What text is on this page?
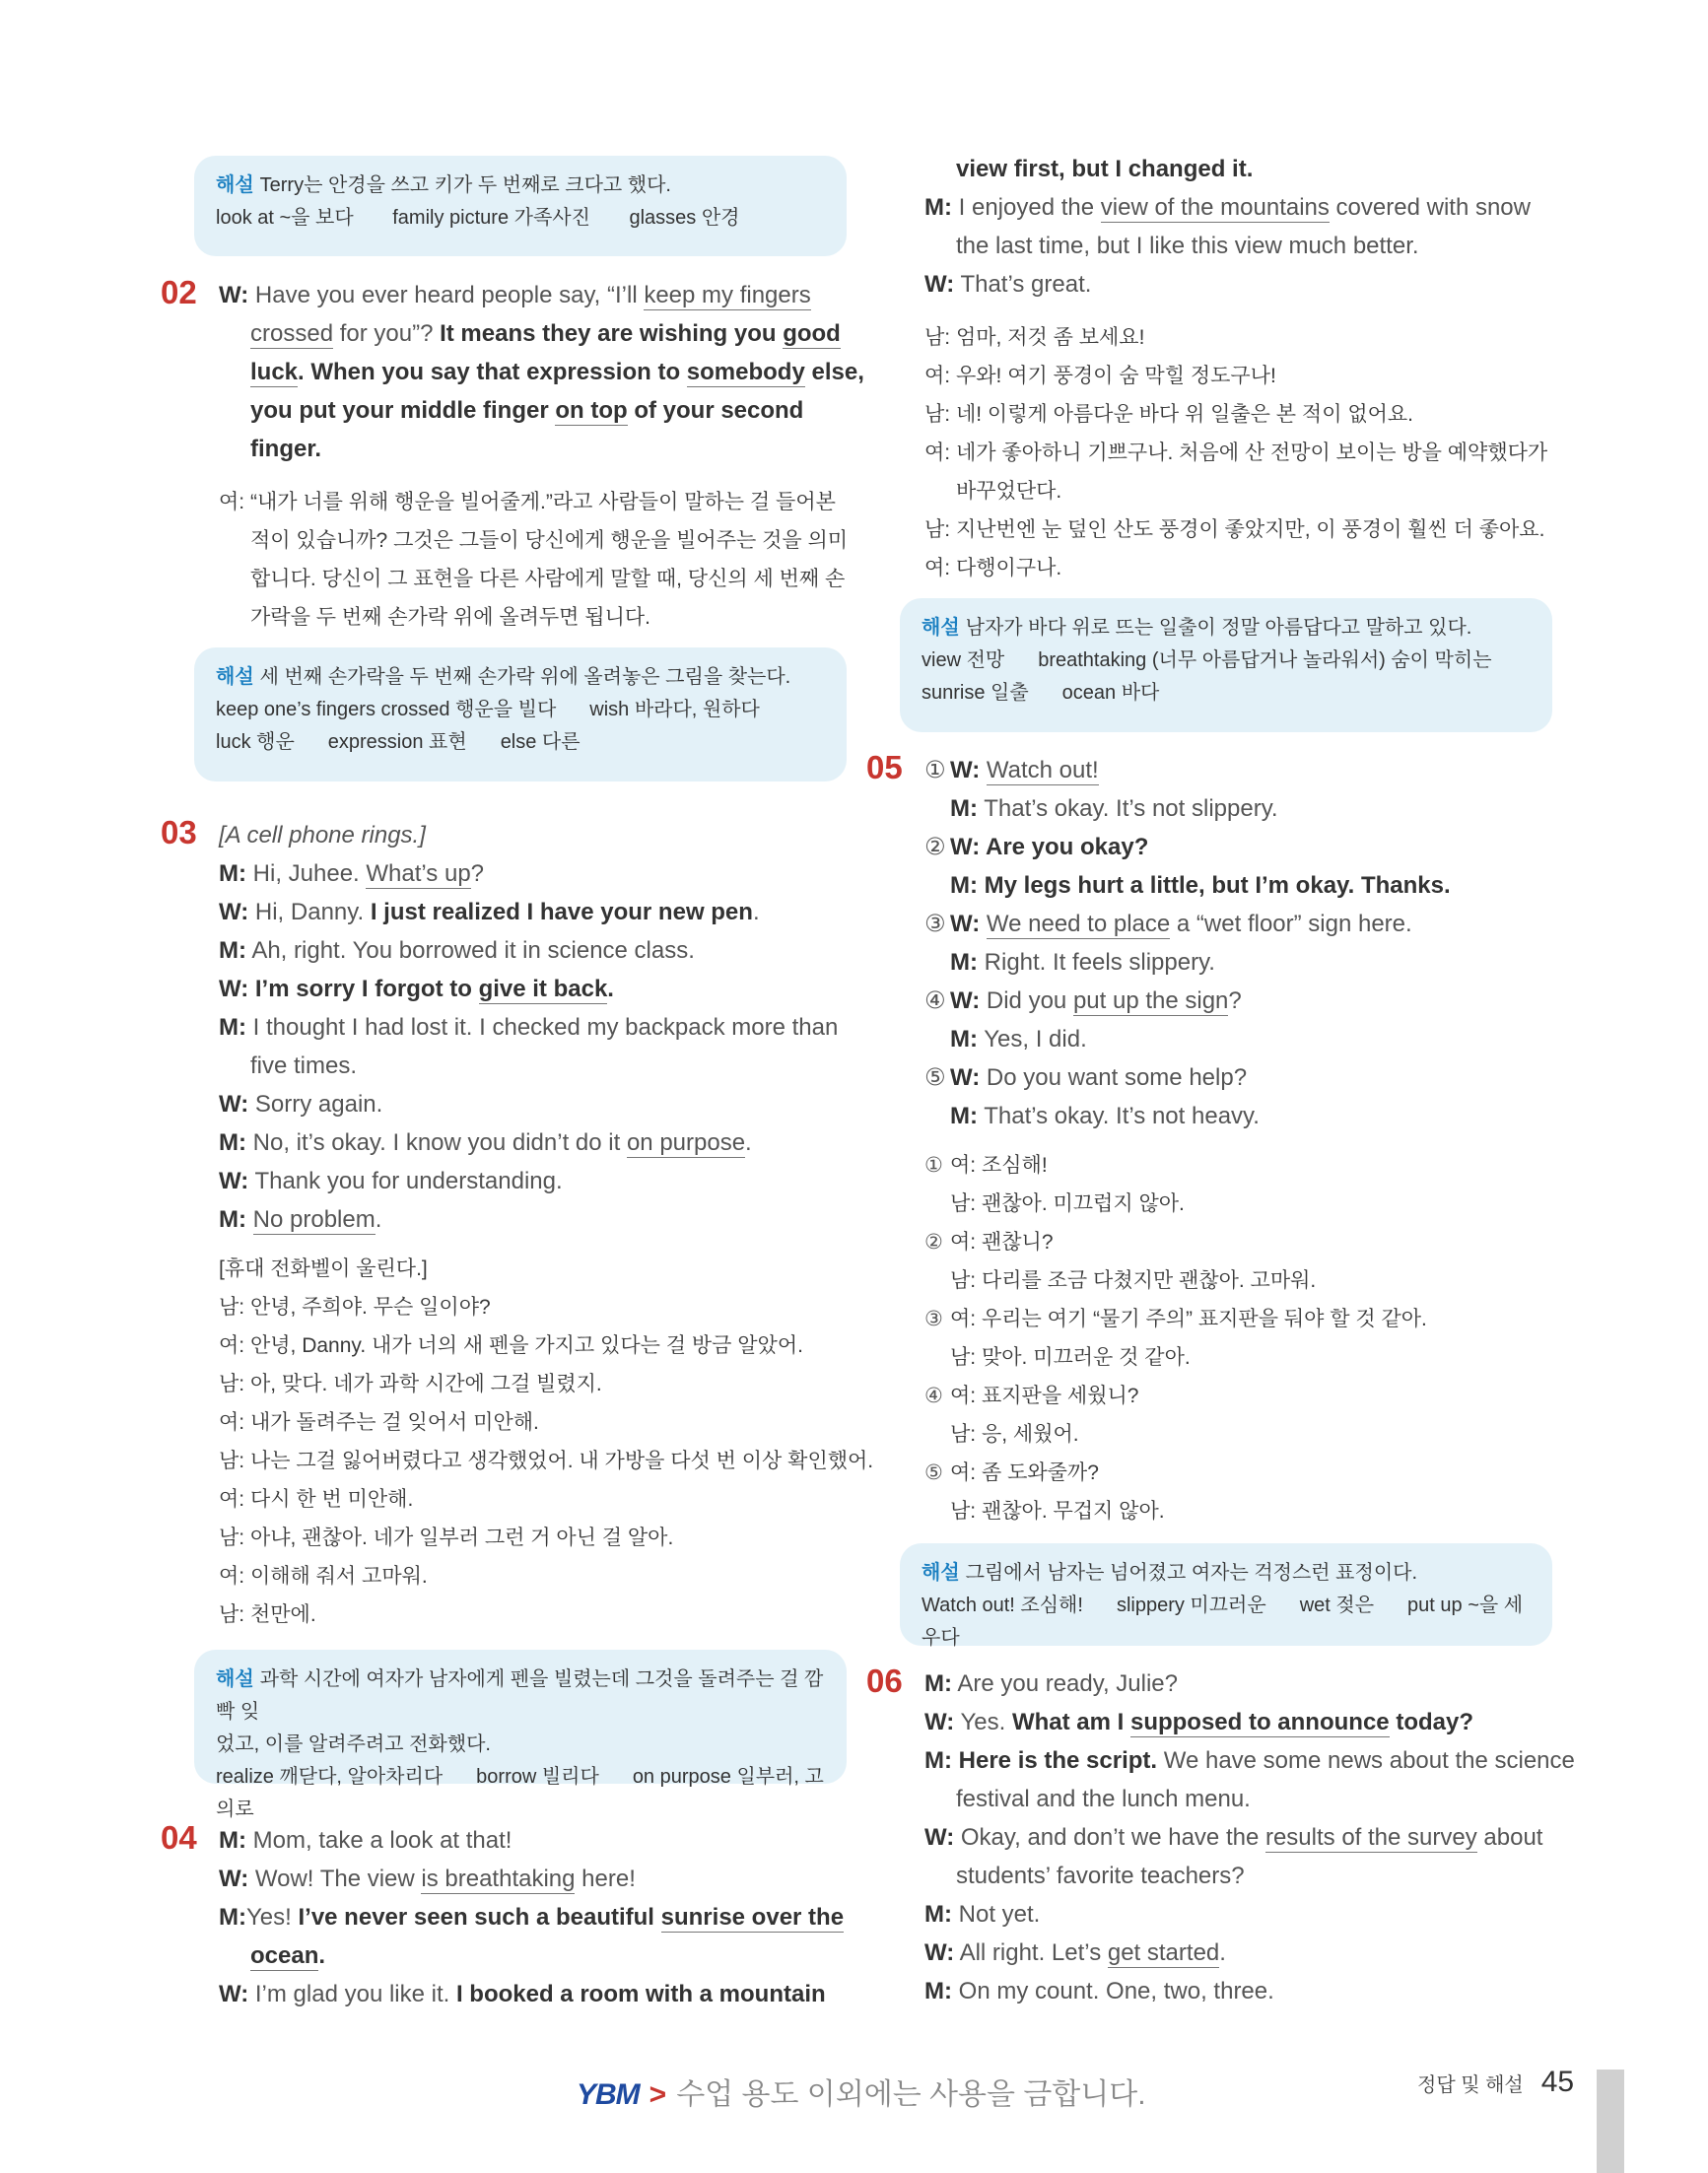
해설 Terry는 안경을 쓰고 키가 두 번째로 크다고 했다.
look at ~을 보다 family picture 가족사진 glasses 안경
02 W: Have you ever heard people say, “I’ll keep my fingers
crossed for you”? It means they are wishing you good
luck. When you say that expression to somebody else,
you put your middle finger on top of your second
finger.
여: “내가 너를 위해 행운을 빌어줄게.”라고 사람들이 말하는 걸 들어본
적이 있습니까? 그것은 그들이 당신에게 행운을 빌어주는 것을 의미
합니다. 당신이 그 표현을 다른 사람에게 말할 때, 당신의 세 번째 손
가락을 두 번째 손가락 위에 올려두면 됩니다.
해설 세 번째 손가락을 두 번째 손가락 위에 올려놓은 그림을 찾는다.
keep one’s fingers crossed 행운을 빌다 wish 바라다, 원하다
luck 행운 expression 표현 else 다른
03 [A cell phone rings.]
M: Hi, Juhee. What’s up?
W: Hi, Danny. I just realized I have your new pen.
M: Ah, right. You borrowed it in science class.
W: I’m sorry I forgot to give it back.
M: I thought I had lost it. I checked my backpack more than
five times.
W: Sorry again.
M: No, it’s okay. I know you didn’t do it on purpose.
W: Thank you for understanding.
M: No problem.
[휴대 전화벨이 울린다.]
남: 안녕, 주희야. 무슨 일이야?
여: 안녕, Danny. 내가 너의 새 펜을 가지고 있다는 걸 방금 알았어.
남: 아, 맞다. 네가 과학 시간에 그걸 빌렸지.
여: 내가 돌려주는 걸 잊어서 미안해.
남: 나는 그걸 잃어버렸다고 생각했었어. 내 가방을 다섯 번 이상 확인했어.
여: 다시 한 번 미안해.
남: 아냐, 괜찮아. 네가 일부러 그런 거 아닌 걸 알아.
여: 이해해 줘서 고마워.
남: 천만에.
해설 과학 시간에 여자가 남자에게 펜을 빌렸는데 그것을 돌려주는 걸 깜빡 잊
었고, 이를 알려주려고 전화했다.
realize 깨닫다, 알아차리다 borrow 빌리다 on purpose 일부러, 고의로
04 M: Mom, take a look at that!
W: Wow! The view is breathtaking here!
M:Yes! I’ve never seen such a beautiful sunrise over the
ocean.
W: I’m glad you like it. I booked a room with a mountain
view first, but I changed it.
M: I enjoyed the view of the mountains covered with snow
the last time, but I like this view much better.
W: That’s great.
남: 엄마, 저것 좀 보세요!
여: 우와! 여기 풍경이 숨 막힐 정도구나!
남: 네! 이렇게 아름다운 바다 위 일출은 본 적이 없어요.
여: 네가 좋아하니 기쁘구나. 처음에 산 전망이 보이는 방을 예약했다가
바꾸었단다.
남: 지난번엔 눈 덮인 산도 풍경이 좋았지만, 이 풍경이 훨씬 더 좋아요.
여: 다행이구나.
해설 남자가 바다 위로 뜨는 일출이 정말 아름답다고 말하고 있다.
view 전망 breathtaking (너무 아름답거나 놀라워서) 숨이 막히는
sunrise 일출 ocean 바다
05 ① W: Watch out!
M: That’s okay. It’s not slippery.
② W: Are you okay?
M: My legs hurt a little, but I’m okay. Thanks.
③ W: We need to place a “wet floor” sign here.
M: Right. It feels slippery.
④ W: Did you put up the sign?
M: Yes, I did.
⑤ W: Do you want some help?
M: That’s okay. It’s not heavy.
① 여: 조심해!
남: 괜찮아. 미끄럽지 않아.
② 여: 괜찮니?
남: 다리를 조금 다쳤지만 괜찮아. 고마워.
③ 여: 우리는 여기 “물기 주의” 표지판을 둬야 할 것 같아.
남: 맞아. 미끄러운 것 같아.
④ 여: 표지판을 세웠니?
남: 응, 세웠어.
⑤ 여: 좀 도와줄까?
남: 괜찮아. 무겁지 않아.
해설 그림에서 남자는 넘어졌고 여자는 걱정스런 표정이다.
Watch out! 조심해! slippery 미끄러운 wet 젖은 put up ~을 세우다
06 M: Are you ready, Julie?
W: Yes. What am I supposed to announce today?
M: Here is the script. We have some news about the science
festival and the lunch menu.
W: Okay, and don’t we have the results of the survey about
students’ favorite teachers?
M: Not yet.
W: All right. Let’s get started.
M: On my count. One, two, three.
YBM > 수업 용도 이외에는 사용을 금합니다.	정답 및 해설 45
